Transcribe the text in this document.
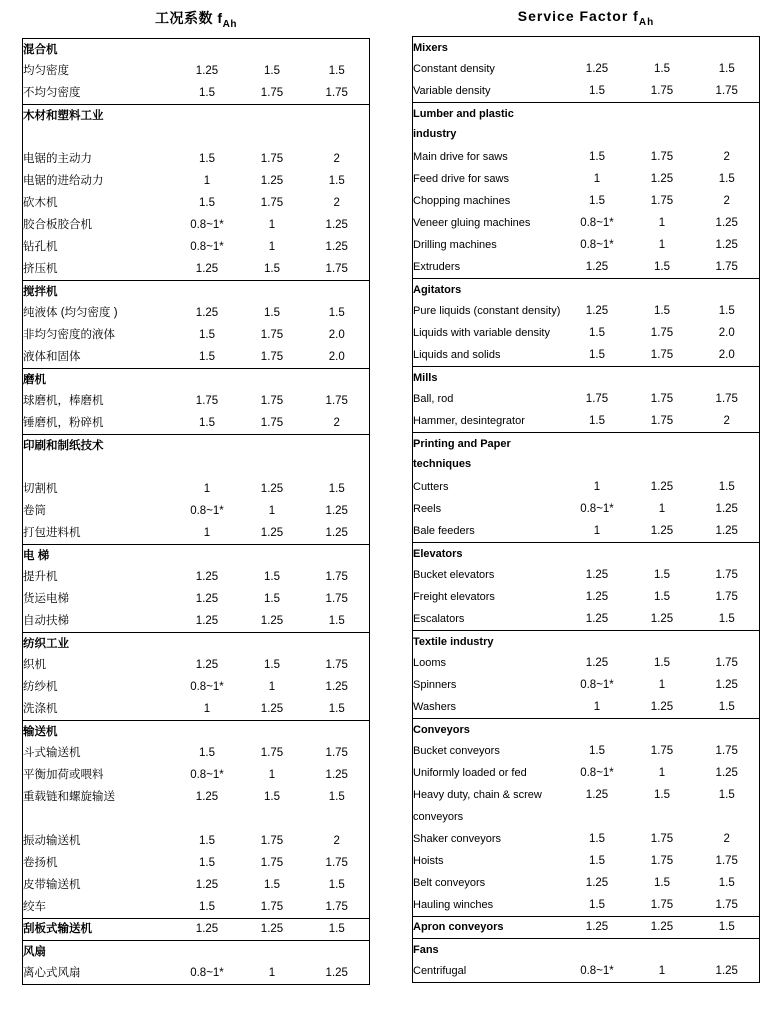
工况系数 $f_{Ah}$
混合机			
均匀密度	1.25	1.5	1.5
不均匀密度	1.5	1.75	1.75
木材和塑料工业			

电锯的主动力	1.5	1.75	2
电锯的进给动力	1	1.25	1.5
砍木机	1.5	1.75	2
胶合板胶合机	0.8~1*	1	1.25
钻孔机	0.8~1*	1	1.25
挤压机	1.25	1.5	1.75
搅拌机			
纯液体 (均匀密度 )	1.25	1.5	1.5
非均匀密度的液体	1.5	1.75	2.0
液体和固体	1.5	1.75	2.0
磨机			
球磨机，棒磨机	1.75	1.75	1.75
锤磨机，粉碎机	1.5	1.75	2
印刷和制纸技术			

切割机	1	1.25	1.5
卷筒	0.8~1*	1	1.25
打包进料机	1	1.25	1.25
电 梯			
提升机	1.25	1.5	1.75
货运电梯	1.25	1.5	1.75
自动扶梯	1.25	1.25	1.5
纺织工业			
织机	1.25	1.5	1.75
纺纱机	0.8~1*	1	1.25
洗涤机	1	1.25	1.5
输送机			
斗式输送机	1.5	1.75	1.75
平衡加荷或喂料	0.8~1*	1	1.25
重载链和螺旋输送	1.25	1.5	1.5

振动输送机	1.5	1.75	2
卷扬机	1.5	1.75	1.75
皮带输送机	1.25	1.5	1.5
绞车	1.5	1.75	1.75
刮板式输送机	1.25	1.25	1.5
风扇			
离心式风扇	0.8~1*	1	1.25
Service Factor $f_{Ah}$
Mixers			
Constant density	1.25	1.5	1.5
Variable density	1.5	1.75	1.75
Lumber and plastic			
industry			
Main drive for saws	1.5	1.75	2
Feed drive for saws	1	1.25	1.5
Chopping machines	1.5	1.75	2
Veneer gluing machines	0.8~1*	1	1.25
Drilling machines	0.8~1*	1	1.25
Extruders	1.25	1.5	1.75
Agitators			
Pure liquids (constant density)	1.25	1.5	1.5
Liquids with variable density	1.5	1.75	2.0
Liquids and solids	1.5	1.75	2.0
Mills			
Ball, rod	1.75	1.75	1.75
Hammer, desintegrator	1.5	1.75	2
Printing and Paper			
techniques			
Cutters	1	1.25	1.5
Reels	0.8~1*	1	1.25
Bale feeders	1	1.25	1.25
Elevators			
Bucket elevators	1.25	1.5	1.75
Freight elevators	1.25	1.5	1.75
Escalators	1.25	1.25	1.5
Textile industry			
Looms	1.25	1.5	1.75
Spinners	0.8~1*	1	1.25
Washers	1	1.25	1.5
Conveyors			
Bucket conveyors	1.5	1.75	1.75
Uniformly loaded or fed	0.8~1*	1	1.25
Heavy duty, chain & screw	1.25	1.5	1.5
conveyors			
Shaker conveyors	1.5	1.75	2
Hoists	1.5	1.75	1.75
Belt conveyors	1.25	1.5	1.5
Hauling winches	1.5	1.75	1.75
Apron conveyors	1.25	1.25	1.5
Fans			
Centrifugal	0.8~1*	1	1.25
